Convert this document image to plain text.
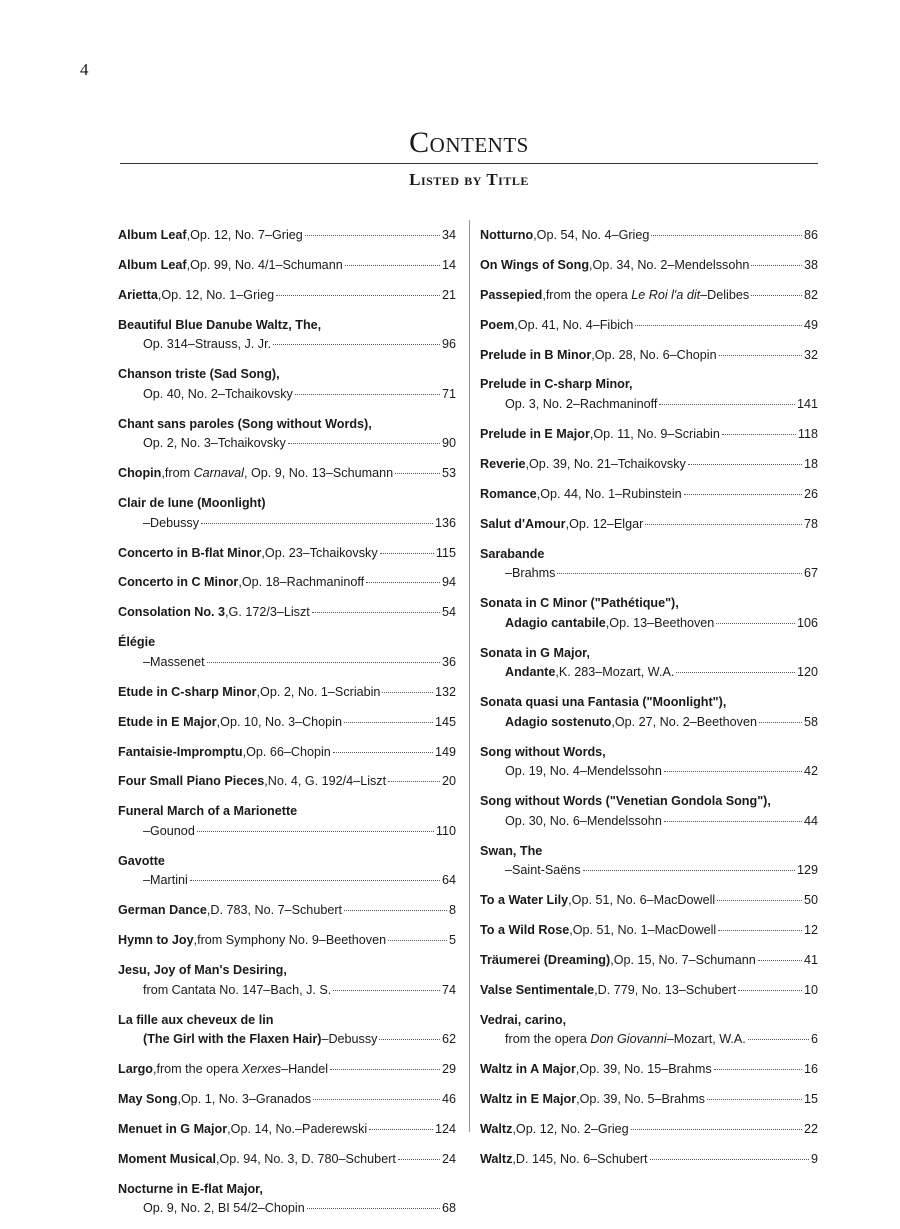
4
Contents
Listed by Title
Album Leaf, Op. 12, No. 7–Grieg	34
Album Leaf, Op. 99, No. 4/1–Schumann	14
Arietta, Op. 12, No. 1–Grieg	21
Beautiful Blue Danube Waltz, The,
Op. 314–Strauss, J. Jr.	96
Chanson triste (Sad Song),
Op. 40, No. 2–Tchaikovsky	71
Chant sans paroles (Song without Words),
Op. 2, No. 3–Tchaikovsky	90
Chopin, from Carnaval, Op. 9, No. 13–Schumann	53
Clair de lune (Moonlight)
–Debussy	136
Concerto in B-flat Minor, Op. 23–Tchaikovsky	115
Concerto in C Minor, Op. 18–Rachmaninoff	94
Consolation No. 3, G. 172/3–Liszt	54
Élégie
–Massenet	36
Etude in C-sharp Minor, Op. 2, No. 1–Scriabin	132
Etude in E Major, Op. 10, No. 3–Chopin	145
Fantaisie-Impromptu, Op. 66–Chopin	149
Four Small Piano Pieces, No. 4, G. 192/4–Liszt	20
Funeral March of a Marionette
–Gounod	110
Gavotte
–Martini	64
German Dance, D. 783, No. 7–Schubert	8
Hymn to Joy, from Symphony No. 9–Beethoven	5
Jesu, Joy of Man's Desiring,
from Cantata No. 147–Bach, J. S.	74
La fille aux cheveux de lin
(The Girl with the Flaxen Hair) –Debussy	62
Largo, from the opera Xerxes–Handel	29
May Song, Op. 1, No. 3–Granados	46
Menuet in G Major, Op. 14, No.–Paderewski	124
Moment Musical, Op. 94, No. 3, D. 780–Schubert	24
Nocturne in E-flat Major,
Op. 9, No. 2, BI 54/2–Chopin	68
Notturno, Op. 54, No. 4–Grieg	86
On Wings of Song, Op. 34, No. 2–Mendelssohn	38
Passepied, from the opera Le Roi l'a dit–Delibes	82
Poem, Op. 41, No. 4–Fibich	49
Prelude in B Minor, Op. 28, No. 6–Chopin	32
Prelude in C-sharp Minor,
Op. 3, No. 2–Rachmaninoff	141
Prelude in E Major, Op. 11, No. 9–Scriabin	118
Reverie, Op. 39, No. 21–Tchaikovsky	18
Romance, Op. 44, No. 1–Rubinstein	26
Salut d'Amour, Op. 12–Elgar	78
Sarabande
–Brahms	67
Sonata in C Minor ("Pathétique"),
Adagio cantabile , Op. 13–Beethoven	106
Sonata in G Major,
Andante , K. 283–Mozart, W.A.	120
Sonata quasi una Fantasia ("Moonlight"),
Adagio sostenuto , Op. 27, No. 2–Beethoven	58
Song without Words,
Op. 19, No. 4–Mendelssohn	42
Song without Words ("Venetian Gondola Song"),
Op. 30, No. 6–Mendelssohn	44
Swan, The
–Saint-Saëns	129
To a Water Lily, Op. 51, No. 6–MacDowell	50
To a Wild Rose, Op. 51, No. 1–MacDowell	12
Träumerei (Dreaming), Op. 15, No. 7–Schumann	41
Valse Sentimentale, D. 779, No. 13–Schubert	10
Vedrai, carino,
from the opera Don Giovanni–Mozart, W.A.	6
Waltz in A Major, Op. 39, No. 15–Brahms	16
Waltz in E Major, Op. 39, No. 5–Brahms	15
Waltz, Op. 12, No. 2–Grieg	22
Waltz, D. 145, No. 6–Schubert	9
